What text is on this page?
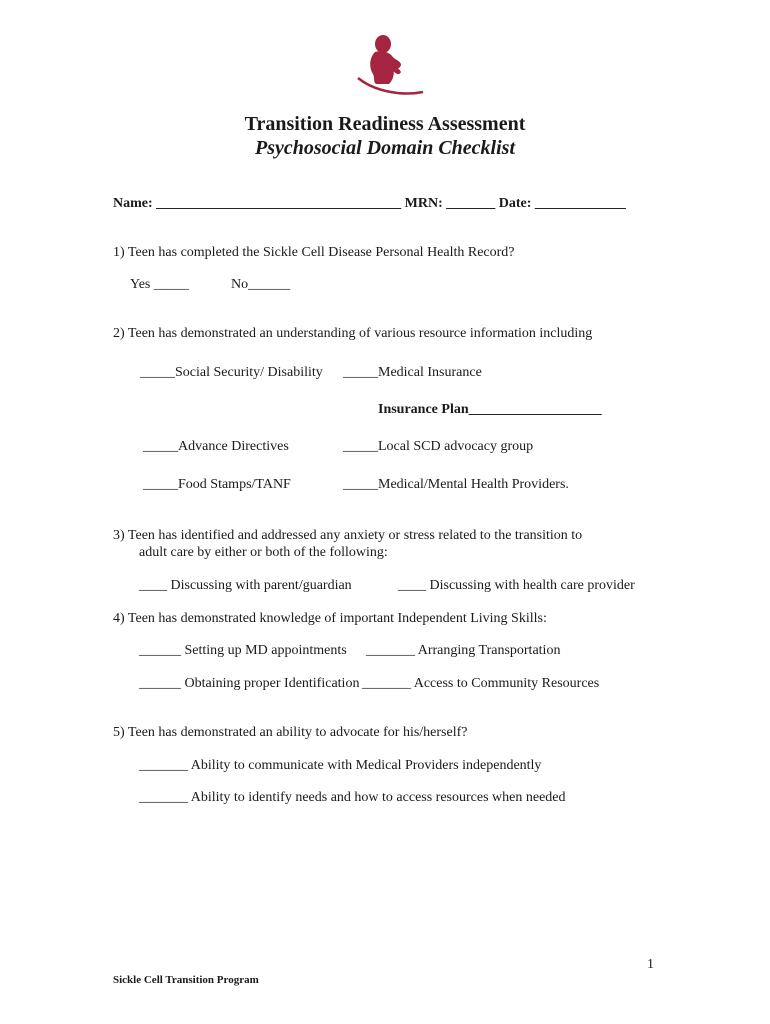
Transition Readiness Assessment
Psychosocial Domain Checklist
Name: ___________________________________ MRN: _______ Date: _____________
1) Teen has completed the Sickle Cell Disease Personal Health Record?
Yes _____	No______
2) Teen has demonstrated an understanding of various resource information including
_____Social Security/ Disability _____Medical Insurance
Insurance Plan___________________
_____Advance Directives	_____Local SCD advocacy group
_____Food Stamps/TANF	_____Medical/Mental Health Providers.
3) Teen has identified and addressed any anxiety or stress related to the transition to
adult care by either or both of the following:
____ Discussing with parent/guardian	____ Discussing with health care provider
4) Teen has demonstrated knowledge of important Independent Living Skills:
______ Setting up MD appointments _______ Arranging Transportation
______ Obtaining proper Identification _______ Access to Community Resources
5) Teen has demonstrated an ability to advocate for his/herself?
_______ Ability to communicate with Medical Providers independently
_______ Ability to identify needs and how to access resources when needed
1
Sickle Cell Transition Program
